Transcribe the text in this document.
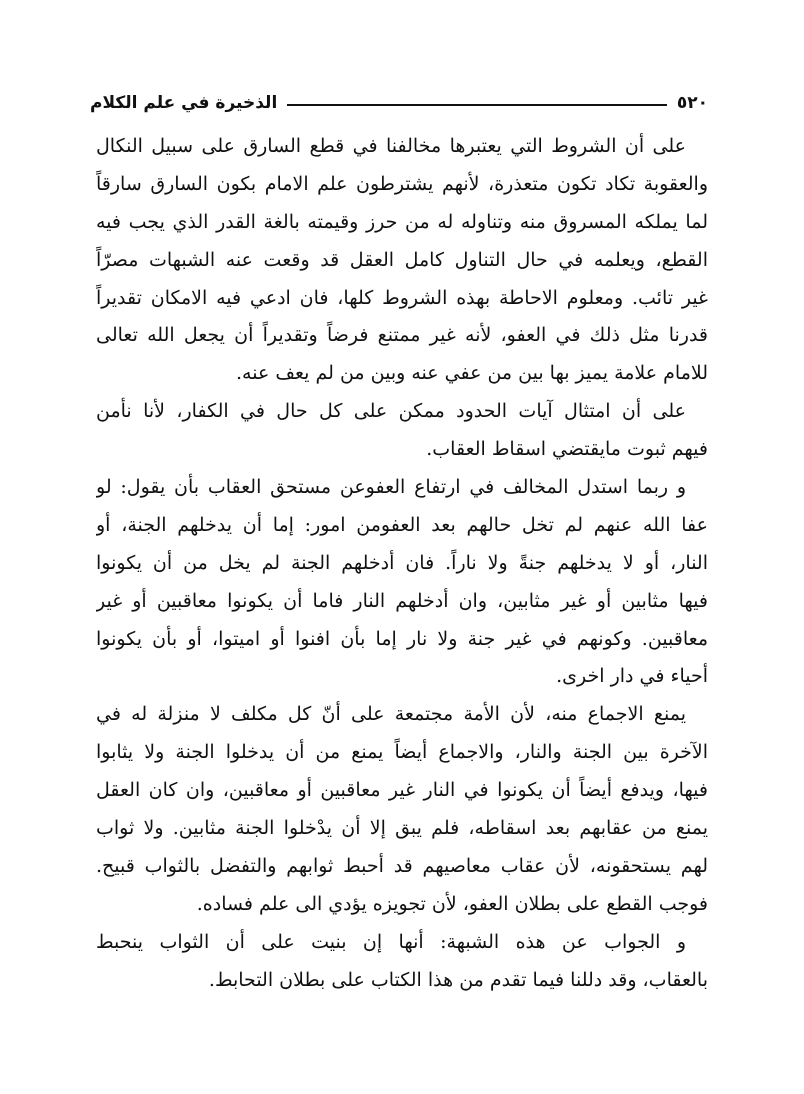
٥٢٠
الذخيرة في علم الكلام
على أن الشروط التي يعتبرها مخالفنا في قطع السارق على سبيل النكال
والعقوبة تكاد تكون متعذرة، لأنهم يشترطون علم الامام بكون السارق سارقاً
لما يملكه المسروق منه وتناوله له من حرز وقيمته بالغة القدر الذي يجب فيه
القطع، ويعلمه في حال التناول كامل العقل قد وقعت عنه الشبهات مصرّاً
غير تائب. ومعلوم الاحاطة بهذه الشروط كلها، فان ادعي فيه الامكان تقديراً
قدرنا مثل ذلك في العفو، لأنه غير ممتنع فرضاً وتقديراً أن يجعل الله تعالى
للامام علامة يميز بها بين من عفي عنه وبين من لم يعف عنه.
على أن امتثال آيات الحدود ممكن على كل حال في الكفار، لأنا نأمن
فيهم ثبوت مايقتضي اسقاط العقاب.
و ربما استدل المخالف في ارتفاع العفوعن مستحق العقاب بأن يقول: لو
عفا الله عنهم لم تخل حالهم بعد العفومن امور: إما أن يدخلهم الجنة، أو
النار، أو لا يدخلهم جنةً ولا ناراً. فان أدخلهم الجنة لم يخل من أن يكونوا
فيها مثابين أو غير مثابين، وان أدخلهم النار فاما أن يكونوا معاقبين أو غير
معاقبين. وكونهم في غير جنة ولا نار إما بأن افنوا أو اميتوا، أو بأن يكونوا
أحياء في دار اخرى.
يمنع الاجماع منه، لأن الأمة مجتمعة على أنّ كل مكلف لا منزلة له في
الآخرة بين الجنة والنار، والاجماع أيضاً يمنع من أن يدخلوا الجنة ولا يثابوا
فيها، ويدفع أيضاً أن يكونوا في النار غير معاقبين أو معاقبين، وان كان العقل
يمنع من عقابهم بعد اسقاطه، فلم يبق إلا أن يدْخلوا الجنة مثابين. ولا ثواب
لهم يستحقونه، لأن عقاب معاصيهم قد أحبط ثوابهم والتفضل بالثواب قبيح.
فوجب القطع على بطلان العفو، لأن تجويزه يؤدي الى علم فساده.
و الجواب عن هذه الشبهة: أنها إن بنيت على أن الثواب ينحبط
بالعقاب، وقد دللنا فيما تقدم من هذا الكتاب على بطلان التحابط.
